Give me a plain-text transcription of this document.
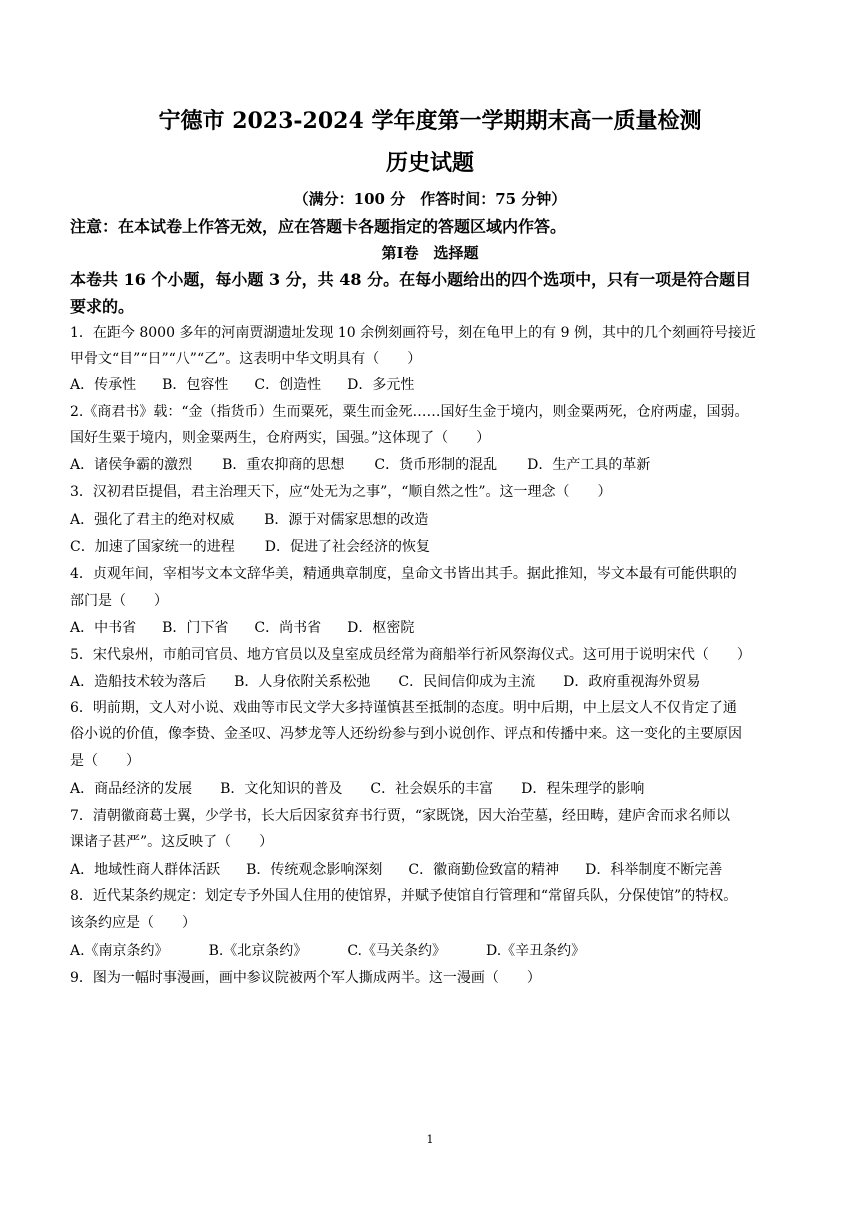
宁德市 2023-2024 学年度第一学期期末高一质量检测
历史试题
（满分：100 分　作答时间：75 分钟）
注意：在本试卷上作答无效，应在答题卡各题指定的答题区域内作答。
第Ⅰ卷　选择题
本卷共 16 个小题，每小题 3 分，共 48 分。在每小题给出的四个选项中，只有一项是符合题目
要求的。
1．在距今 8000 多年的河南贾湖遗址发现 10 余例刻画符号，刻在龟甲上的有 9 例，其中的几个刻画符号接近
甲骨文“目”“日”“八”“乙”。这表明中华文明具有（　　）
A．传承性 B．包容性 C．创造性 D．多元性
2.《商君书》载：“金（指货币）生而粟死，粟生而金死……国好生金于境内，则金粟两死，仓府两虚，国弱。
国好生粟于境内，则金粟两生，仓府两实，国强。”这体现了（　　）
A．诸侯争霸的激烈 B．重农抑商的思想 C．货币形制的混乱 D．生产工具的革新
3．汉初君臣提倡，君主治理天下，应“处无为之事”，“顺自然之性”。这一理念（　　）
A．强化了君主的绝对权威 B．源于对儒家思想的改造
C．加速了国家统一的进程 D．促进了社会经济的恢复
4．贞观年间，宰相岑文本文辞华美，精通典章制度，皇命文书皆出其手。据此推知，岑文本最有可能供职的
部门是（　　）
A．中书省 B．门下省 C．尚书省 D．枢密院
5．宋代泉州，市舶司官员、地方官员以及皇室成员经常为商船举行祈风祭海仪式。这可用于说明宋代（　　）
A．造船技术较为落后 B．人身依附关系松弛 C．民间信仰成为主流 D．政府重视海外贸易
6．明前期，文人对小说、戏曲等市民文学大多持谨慎甚至抵制的态度。明中后期，中上层文人不仅肯定了通
俗小说的价值，像李贽、金圣叹、冯梦龙等人还纷纷参与到小说创作、评点和传播中来。这一变化的主要原因
是（　　）
A．商品经济的发展 B．文化知识的普及 C．社会娱乐的丰富 D．程朱理学的影响
7．清朝徽商葛士翼，少学书，长大后因家贫弃书行贾，“家既饶，因大治茔墓，经田畴，建庐舍而求名师以
课诸子甚严”。这反映了（　　）
A．地域性商人群体活跃 B．传统观念影响深刻 C．徽商勤俭致富的精神 D．科举制度不断完善
8．近代某条约规定：划定专予外国人住用的使馆界，并赋予使馆自行管理和“常留兵队，分保使馆”的特权。
该条约应是（　　）
A.《南京条约》	B.《北京条约》	C.《马关条约》	D.《辛丑条约》
9．图为一幅时事漫画，画中参议院被两个军人撕成两半。这一漫画（　　）
1
